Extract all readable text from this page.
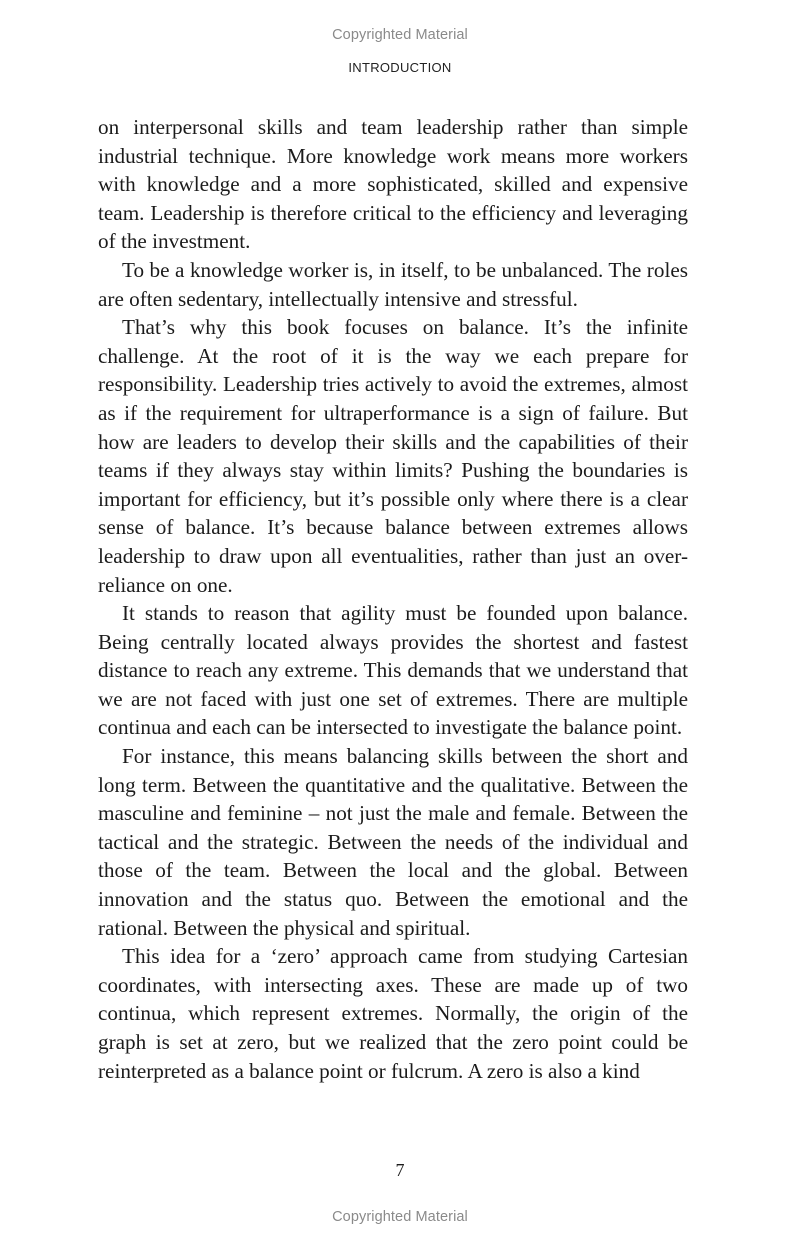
Copyrighted Material
INTRODUCTION

on interpersonal skills and team leadership rather than simple industrial technique. More knowledge work means more workers with knowledge and a more sophisticated, skilled and expensive team. Leadership is therefore critical to the efficiency and leveraging of the investment.

To be a knowledge worker is, in itself, to be unbalanced. The roles are often sedentary, intellectually intensive and stressful.

That’s why this book focuses on balance. It’s the infinite challenge. At the root of it is the way we each prepare for responsibility. Leadership tries actively to avoid the extremes, almost as if the requirement for ultraperformance is a sign of failure. But how are leaders to develop their skills and the capabilities of their teams if they always stay within limits? Pushing the boundaries is important for efficiency, but it’s possible only where there is a clear sense of balance. It’s because balance between extremes allows leadership to draw upon all eventualities, rather than just an over-reliance on one.

It stands to reason that agility must be founded upon balance. Being centrally located always provides the shortest and fastest distance to reach any extreme. This demands that we understand that we are not faced with just one set of extremes. There are multiple continua and each can be intersected to investigate the balance point.

For instance, this means balancing skills between the short and long term. Between the quantitative and the qualitative. Between the masculine and feminine – not just the male and female. Between the tactical and the strategic. Between the needs of the individual and those of the team. Between the local and the global. Between innovation and the status quo. Between the emotional and the rational. Between the physical and spiritual.

This idea for a ‘zero’ approach came from studying Cartesian coordinates, with intersecting axes. These are made up of two continua, which represent extremes. Normally, the origin of the graph is set at zero, but we realized that the zero point could be reinterpreted as a balance point or fulcrum. A zero is also a kind

7
Copyrighted Material
